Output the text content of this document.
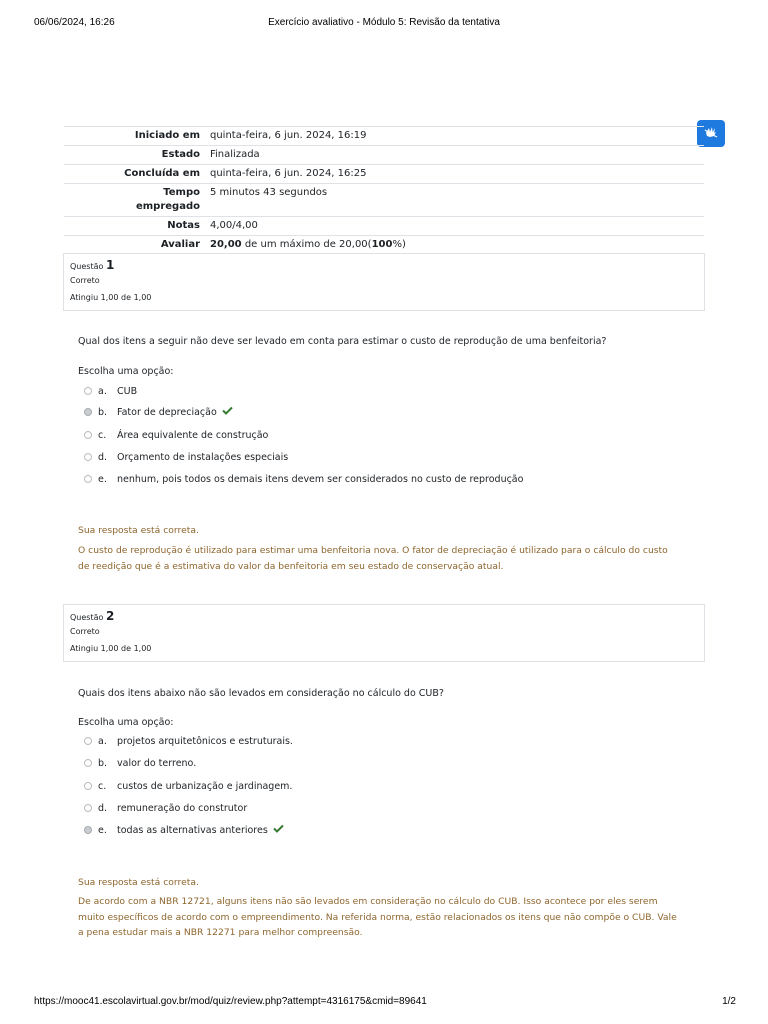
06/06/2024, 16:26	Exercício avaliativo - Módulo 5: Revisão da tentativa
Iniciado em	quinta-feira, 6 jun. 2024, 16:19
Estado	Finalizada
Concluída em	quinta-feira, 6 jun. 2024, 16:25
Tempo empregado	5 minutos 43 segundos
Notas	4,00/4,00
Avaliar	20,00 de um máximo de 20,00(100%)
Questão 1
Correto
Atingiu 1,00 de 1,00
Qual dos itens a seguir não deve ser levado em conta para estimar o custo de reprodução de uma benfeitoria?
Escolha uma opção:
a. CUB
b. Fator de depreciação
c. Área equivalente de construção
d. Orçamento de instalações especiais
e. nenhum, pois todos os demais itens devem ser considerados no custo de reprodução
Sua resposta está correta.
O custo de reprodução é utilizado para estimar uma benfeitoria nova. O fator de depreciação é utilizado para o cálculo do custo de reedição que é a estimativa do valor da benfeitoria em seu estado de conservação atual.
Questão 2
Correto
Atingiu 1,00 de 1,00
Quais dos itens abaixo não são levados em consideração no cálculo do CUB?
Escolha uma opção:
a. projetos arquitetônicos e estruturais.
b. valor do terreno.
c. custos de urbanização e jardinagem.
d. remuneração do construtor
e. todas as alternativas anteriores
Sua resposta está correta.
De acordo com a NBR 12721, alguns itens não são levados em consideração no cálculo do CUB. Isso acontece por eles serem muito específicos de acordo com o empreendimento. Na referida norma, estão relacionados os itens que não compõe o CUB. Vale a pena estudar mais a NBR 12271 para melhor compreensão.
https://mooc41.escolavirtual.gov.br/mod/quiz/review.php?attempt=4316175&cmid=89641	1/2
